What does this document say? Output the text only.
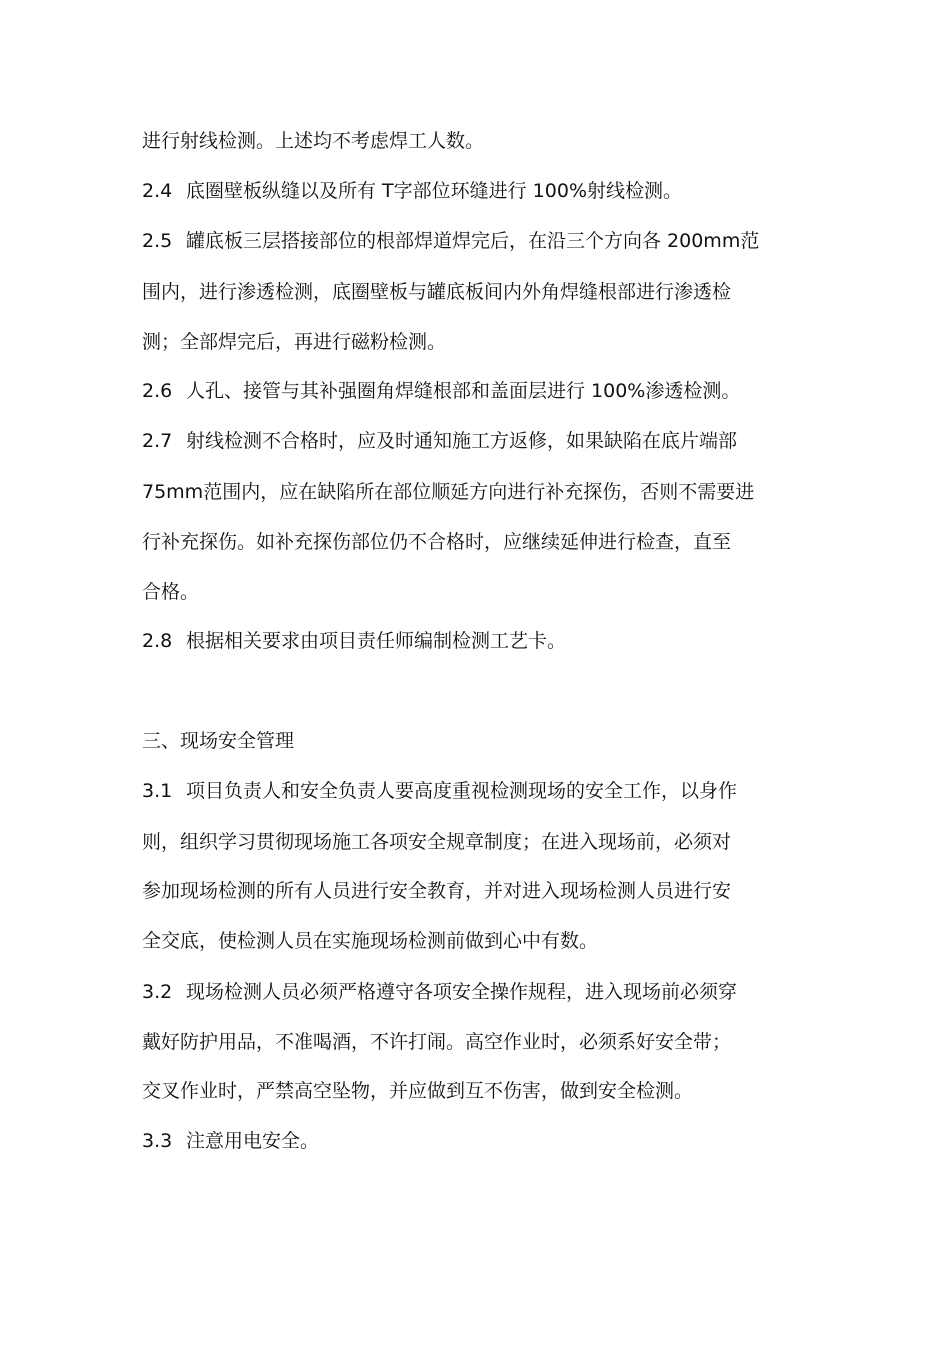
进行射线检测。上述均不考虑焊工人数。
2.4 底圈壁板纵缝以及所有 T字部位环缝进行 100%射线检测。
2.5 罐底板三层搭接部位的根部焊道焊完后，在沿三个方向各 200mm范
围内，进行渗透检测，底圈壁板与罐底板间内外角焊缝根部进行渗透检
测；全部焊完后，再进行磁粉检测。
2.6 人孔、接管与其补强圈角焊缝根部和盖面层进行 100%渗透检测。
2.7 射线检测不合格时，应及时通知施工方返修，如果缺陷在底片端部
75mm范围内，应在缺陷所在部位顺延方向进行补充探伤，否则不需要进
行补充探伤。如补充探伤部位仍不合格时，应继续延伸进行检查，直至
合格。
2.8 根据相关要求由项目责任师编制检测工艺卡。
三、现场安全管理
3.1 项目负责人和安全负责人要高度重视检测现场的安全工作，以身作
则，组织学习贯彻现场施工各项安全规章制度；在进入现场前，必须对
参加现场检测的所有人员进行安全教育，并对进入现场检测人员进行安
全交底，使检测人员在实施现场检测前做到心中有数。
3.2 现场检测人员必须严格遵守各项安全操作规程，进入现场前必须穿
戴好防护用品，不准喝酒，不许打闹。高空作业时，必须系好安全带；
交叉作业时，严禁高空坠物，并应做到互不伤害，做到安全检测。
3.3 注意用电安全。
